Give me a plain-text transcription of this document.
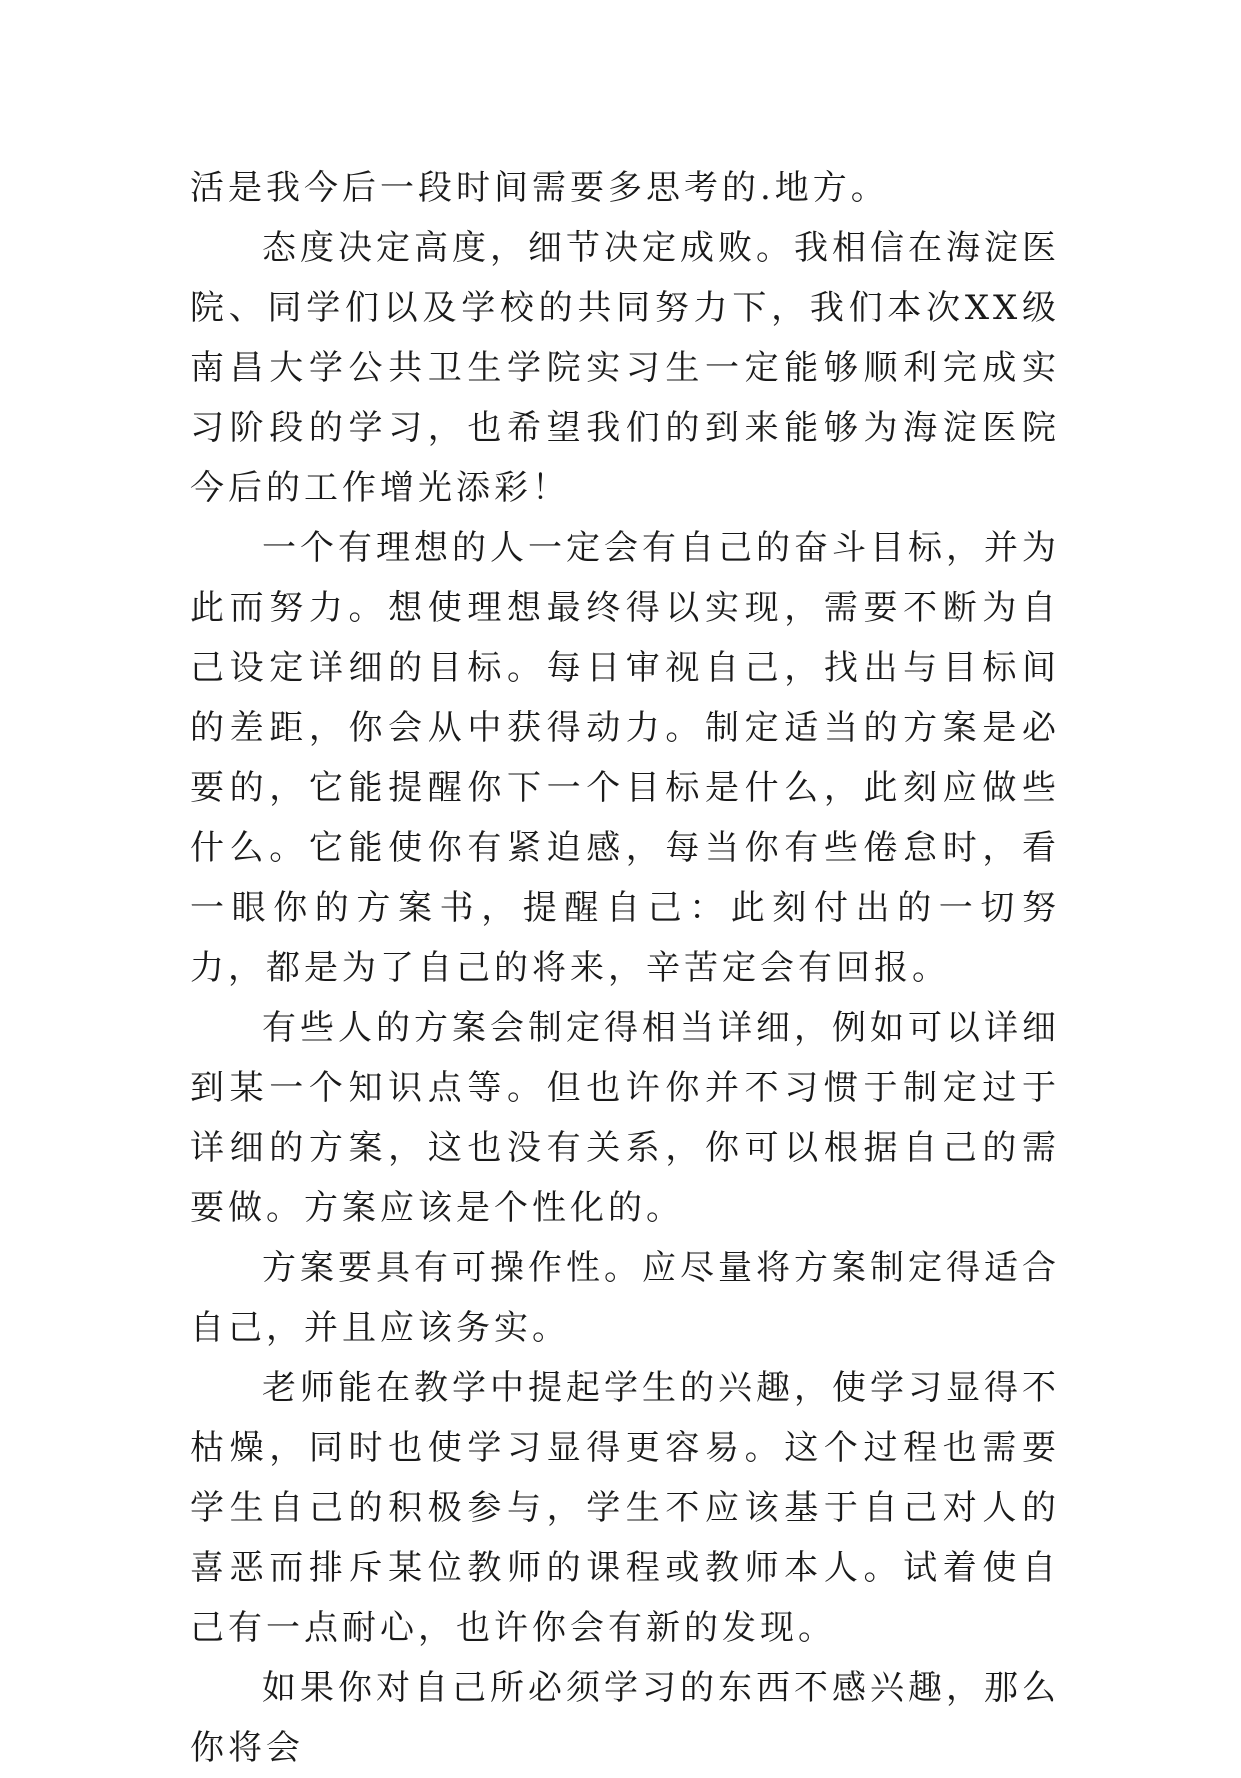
活是我今后一段时间需要多思考的.地方。

态度决定高度，细节决定成败。我相信在海淀医院、同学们以及学校的共同努力下，我们本次XX级南昌大学公共卫生学院实习生一定能够顺利完成实习阶段的学习，也希望我们的到来能够为海淀医院今后的工作增光添彩！

一个有理想的人一定会有自己的奋斗目标，并为此而努力。想使理想最终得以实现，需要不断为自己设定详细的目标。每日审视自己，找出与目标间的差距，你会从中获得动力。制定适当的方案是必要的，它能提醒你下一个目标是什么，此刻应做些什么。它能使你有紧迫感，每当你有些倦怠时，看一眼你的方案书，提醒自己：此刻付出的一切努力，都是为了自己的将来，辛苦定会有回报。

有些人的方案会制定得相当详细，例如可以详细到某一个知识点等。但也许你并不习惯于制定过于详细的方案，这也没有关系，你可以根据自己的需要做。方案应该是个性化的。

方案要具有可操作性。应尽量将方案制定得适合自己，并且应该务实。

老师能在教学中提起学生的兴趣，使学习显得不枯燥，同时也使学习显得更容易。这个过程也需要学生自己的积极参与，学生不应该基于自己对人的喜恶而排斥某位教师的课程或教师本人。试着使自己有一点耐心，也许你会有新的发现。

如果你对自己所必须学习的东西不感兴趣，那么你将会
